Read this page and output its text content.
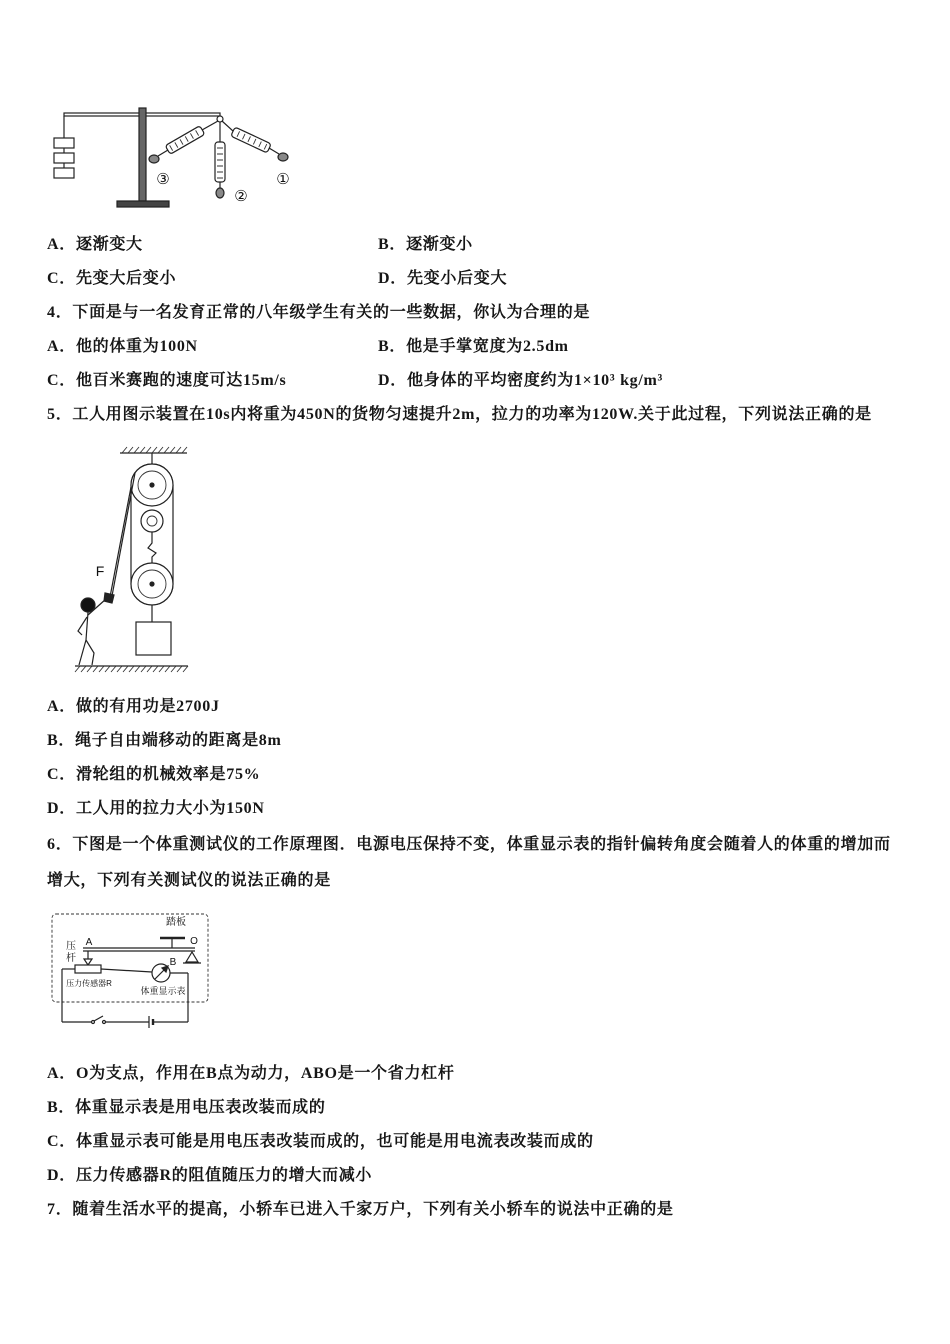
①
②
③
A．逐渐变大	B．逐渐变小
C．先变大后变小	D．先变小后变大
4．下面是与一名发育正常的八年级学生有关的一些数据，你认为合理的是
A．他的体重为100N	B．他是手掌宽度为2.5dm
C．他百米赛跑的速度可达15m/s	D．他身体的平均密度约为1×10³ kg/m³
5．工人用图示装置在10s内将重为450N的货物匀速提升2m，拉力的功率为120W.关于此过程，下列说法正确的是
F
A．做的有用功是2700J
B．绳子自由端移动的距离是8m
C．滑轮组的机械效率是75%
D．工人用的拉力大小为150N
6．下图是一个体重测试仪的工作原理图．电源电压保持不变，体重显示表的指针偏转角度会随着人的体重的增加而
增大，下列有关测试仪的说法正确的是
踏板
O
A
压
杆	B
压力传感器R
体重显示表
A．O为支点，作用在B点为动力，ABO是一个省力杠杆
B．体重显示表是用电压表改装而成的
C．体重显示表可能是用电压表改装而成的，也可能是用电流表改装而成的
D．压力传感器R的阻值随压力的增大而减小
7．随着生活水平的提高，小轿车已进入千家万户，下列有关小轿车的说法中正确的是
